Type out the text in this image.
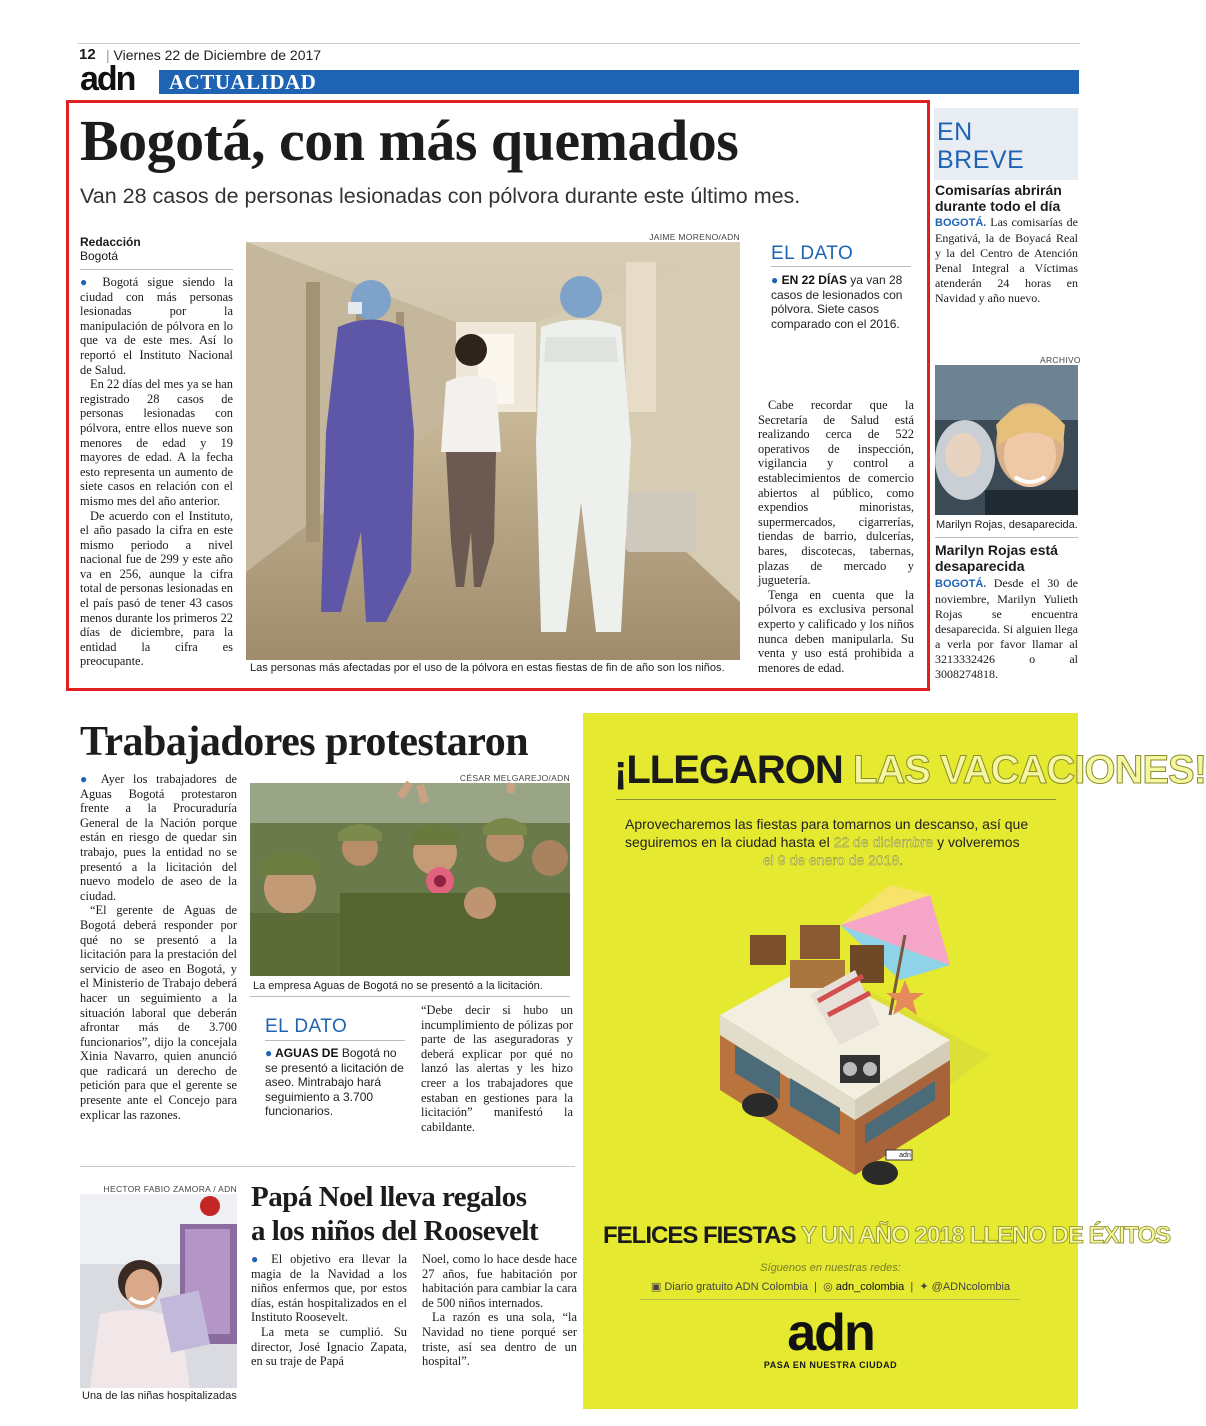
12 | Viernes 22 de Diciembre de 2017
adn	ACTUALIDAD
Bogotá, con más quemados
Van 28 casos de personas lesionadas con pólvora durante este último mes.
Redacción
Bogotá

● Bogotá sigue siendo la ciudad con más personas lesionadas por la manipulación de pólvora en lo que va de este mes. Así lo reportó el Instituto Nacional de Salud.

En 22 días del mes ya se han registrado 28 casos de personas lesionadas con pólvora, entre ellos nueve son menores de edad y 19 mayores de edad. A la fecha esto representa un aumento de siete casos en relación con el mismo mes del año anterior.

De acuerdo con el Instituto, el año pasado la cifra en este mismo periodo a nivel nacional fue de 299 y este año va en 256, aunque la cifra total de personas lesionadas en el país pasó de tener 43 casos menos durante los primeros 22 días de diciembre, para la entidad la cifra es preocupante.

JAIME MORENO/ADN
Las personas más afectadas por el uso de la pólvora en estas fiestas de fin de año son los niños.
EL DATO
● EN 22 DÍAS ya van 28 casos de lesionados con pólvora. Siete casos comparado con el 2016.

Cabe recordar que la Secretaría de Salud está realizando cerca de 522 operativos de inspección, vigilancia y control a establecimientos de comercio abiertos al público, como expendios minoristas, supermercados, cigarrerías, tiendas de barrio, dulcerías, bares, discotecas, tabernas, plazas de mercado y juguetería.

Tenga en cuenta que la pólvora es exclusiva personal experto y calificado y los niños nunca deben manipularla. Su venta y uso está prohibida a menores de edad.

EN
BREVE
Comisarías abrirán durante todo el día
BOGOTÁ. Las comisarías de Engativá, la de Boyacá Real y la del Centro de Atención Penal Integral a Víctimas atenderán 24 horas en Navidad y año nuevo.
ARCHIVO
Marilyn Rojas, desaparecida.
Marilyn Rojas está desaparecida
BOGOTÁ. Desde el 30 de noviembre, Marilyn Yulieth Rojas se encuentra desaparecida. Si alguien llega a verla por favor llamar al 3213332426 o al 3008274818.
Trabajadores protestaron

● Ayer los trabajadores de Aguas Bogotá protestaron frente a la Procuraduría General de la Nación porque están en riesgo de quedar sin trabajo, pues la entidad no se presentó a la licitación del nuevo modelo de aseo de la ciudad.

“El gerente de Aguas de Bogotá deberá responder por qué no se presentó a la licitación para la prestación del servicio de aseo en Bogotá, y el Ministerio de Trabajo deberá hacer un seguimiento a la situación laboral que deberán afrontar más de 3.700 funcionarios”, dijo la concejala Xinia Navarro, quien anunció que radicará un derecho de petición para que el gerente se presente ante el Concejo para explicar las razones.

CÉSAR MELGAREJO/ADN
La empresa Aguas de Bogotá no se presentó a la licitación.
EL DATO
● AGUAS DE Bogotá no se presentó a licitación de aseo. Mintrabajo hará seguimiento a 3.700 funcionarios.

“Debe decir si hubo un incumplimiento de pólizas por parte de las aseguradoras y deberá explicar por qué no lanzó las alertas y les hizo creer a los trabajadores que estaban en gestiones para la licitación” manifestó la cabildante.

HECTOR FABIO ZAMORA / ADN
Una de las niñas hospitalizadas
Papá Noel lleva regalos
a los niños del Roosevelt

● El objetivo era llevar la magia de la Navidad a los niños enfermos que, por estos días, están hospitalizados en el Instituto Roosevelt.

La meta se cumplió. Su director, José Ignacio Zapata, en su traje de Papá

Noel, como lo hace desde hace 27 años, fue habitación por habitación para cambiar la cara de 500 niños internados.

La razón es una sola, “la Navidad no tiene porqué ser triste, así sea dentro de un hospital”.

¡LLEGARON LAS VACACIONES!
Aprovecharemos las fiestas para tomarnos un descanso, así que
seguiremos en la ciudad hasta el 22 de diciembre y volveremos
el 9 de enero de 2018.
adn
FELICES FIESTAS Y UN AÑO 2018 LLENO DE ÉXITOS
Síguenos en nuestras redes:
▣ Diario gratuito ADN Colombia  |  ◎ adn_colombia  |  ✦ @ADNcolombia
adn
PASA EN NUESTRA CIUDAD
